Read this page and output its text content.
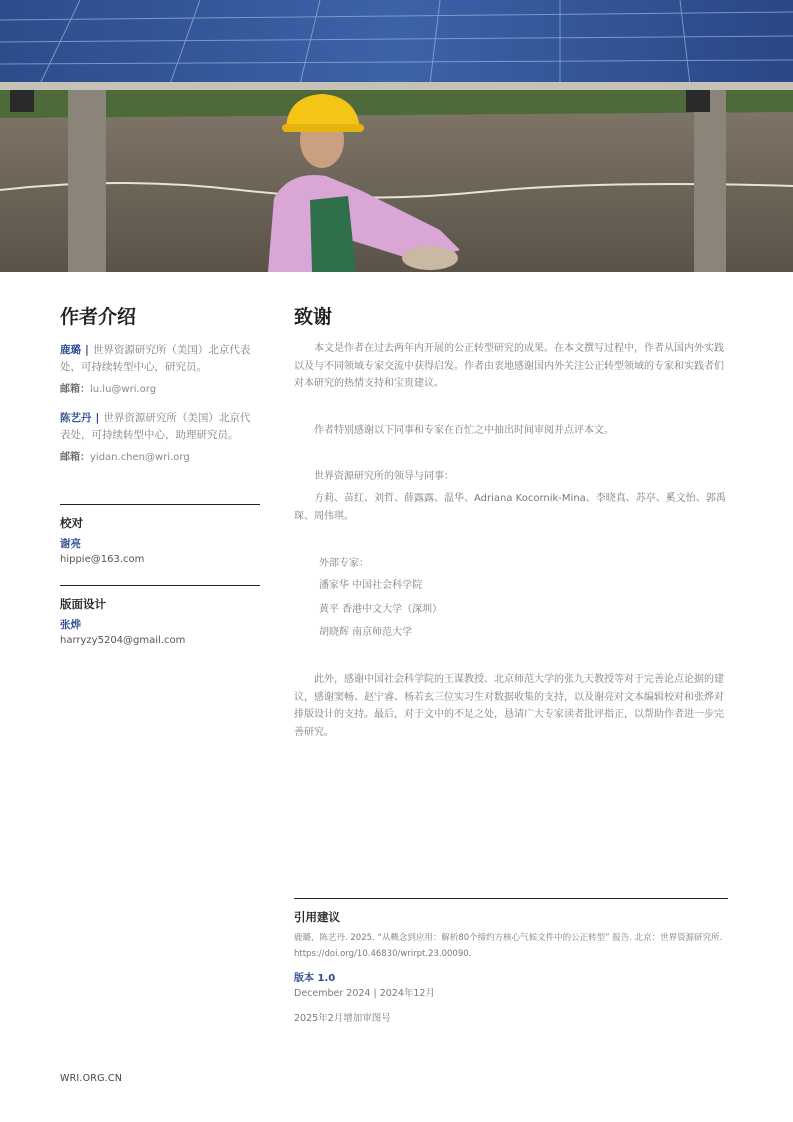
作者介绍
鹿璐 | 世界资源研究所（美国）北京代表处，可持续转型中心，研究员。
邮箱：lu.lu@wri.org
陈艺丹 | 世界资源研究所（美国）北京代表处，可持续转型中心，助理研究员。
邮箱：yidan.chen@wri.org
校对
谢亮
hippie@163.com
版面设计
张烨
harryzy5204@gmail.com
致谢

本文是作者在过去两年内开展的公正转型研究的成果。在本文撰写过程中，作者从国内外实践以及与不同领域专家交流中获得启发。作者由衷地感谢国内外关注公正转型领域的专家和实践者们对本研究的热情支持和宝贵建议。

作者特别感谢以下同事和专家在百忙之中抽出时间审阅并点评本文。

世界资源研究所的领导与同事：

方莉、苗红、刘哲、薛露露、温华、Adriana Kocornik-Mina、李晓真、苏亭、奚文怡、郭禹琛、周伟琪。

外部专家：
潘家华 中国社会科学院
黄平 香港中文大学（深圳）
胡晓辉 南京师范大学

此外，感谢中国社会科学院的王谋教授、北京师范大学的张九天教授等对于完善论点论据的建议，感谢窦畅、赵宁睿、杨若玄三位实习生对数据收集的支持，以及谢亮对文本编辑校对和张烨对排版设计的支持。最后，对于文中的不足之处，恳请广大专家读者批评指正，以帮助作者进一步完善研究。

引用建议
鹿璐，陈艺丹. 2025. “从概念到应用：解析80个缔约方核心气候文件中的公正转型” 报告. 北京：世界资源研究所. https://doi.org/10.46830/wrirpt.23.00090.
版本 1.0
December 2024 | 2024年12月
2025年2月增加审图号
WRI.ORG.CN
